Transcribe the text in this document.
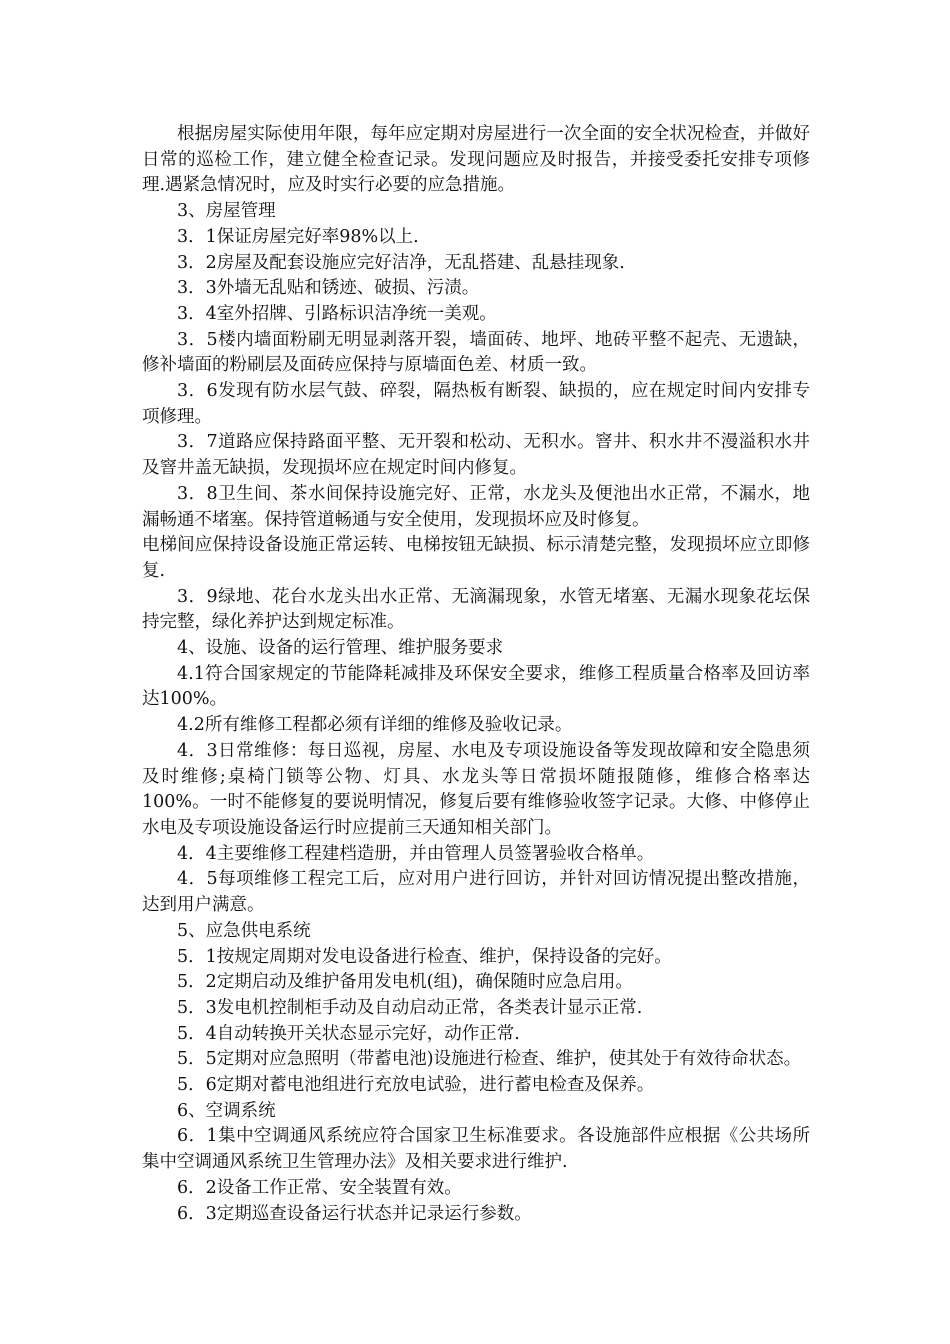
根据房屋实际使用年限，每年应定期对房屋进行一次全面的安全状况检查，并做好日常的巡检工作，建立健全检查记录。发现问题应及时报告，并接受委托安排专项修理.遇紧急情况时，应及时实行必要的应急措施。

3、房屋管理

3．1保证房屋完好率98%以上.

3．2房屋及配套设施应完好洁净，无乱搭建、乱悬挂现象.

3．3外墙无乱贴和锈迹、破损、污渍。

3．4室外招牌、引路标识洁净统一美观。

3．5楼内墙面粉刷无明显剥落开裂，墙面砖、地坪、地砖平整不起壳、无遗缺，修补墙面的粉刷层及面砖应保持与原墙面色差、材质一致。

3．6发现有防水层气鼓、碎裂，隔热板有断裂、缺损的，应在规定时间内安排专项修理。

3．7道路应保持路面平整、无开裂和松动、无积水。窨井、积水井不漫溢积水井及窨井盖无缺损，发现损坏应在规定时间内修复。

3．8卫生间、茶水间保持设施完好、正常，水龙头及便池出水正常，不漏水，地漏畅通不堵塞。保持管道畅通与安全使用，发现损坏应及时修复。

电梯间应保持设备设施正常运转、电梯按钮无缺损、标示清楚完整，发现损坏应立即修复.

3．9绿地、花台水龙头出水正常、无滴漏现象，水管无堵塞、无漏水现象花坛保持完整，绿化养护达到规定标准。

4、设施、设备的运行管理、维护服务要求

4.1符合国家规定的节能降耗减排及环保安全要求，维修工程质量合格率及回访率达100%。

4.2所有维修工程都必须有详细的维修及验收记录。

4．3日常维修：每日巡视，房屋、水电及专项设施设备等发现故障和安全隐患须及时维修;桌椅门锁等公物、灯具、水龙头等日常损坏随报随修，维修合格率达100%。一时不能修复的要说明情况，修复后要有维修验收签字记录。大修、中修停止水电及专项设施设备运行时应提前三天通知相关部门。

4．4主要维修工程建档造册，并由管理人员签署验收合格单。

4．5每项维修工程完工后，应对用户进行回访，并针对回访情况提出整改措施，达到用户满意。

5、应急供电系统

5．1按规定周期对发电设备进行检查、维护，保持设备的完好。

5．2定期启动及维护备用发电机(组)，确保随时应急启用。

5．3发电机控制柜手动及自动启动正常，各类表计显示正常.

5．4自动转换开关状态显示完好，动作正常.

5．5定期对应急照明（带蓄电池)设施进行检查、维护，使其处于有效待命状态。

5．6定期对蓄电池组进行充放电试验，进行蓄电检查及保养。

6、空调系统

6．1集中空调通风系统应符合国家卫生标准要求。各设施部件应根据《公共场所集中空调通风系统卫生管理办法》及相关要求进行维护.

6．2设备工作正常、安全装置有效。

6．3定期巡查设备运行状态并记录运行参数。
